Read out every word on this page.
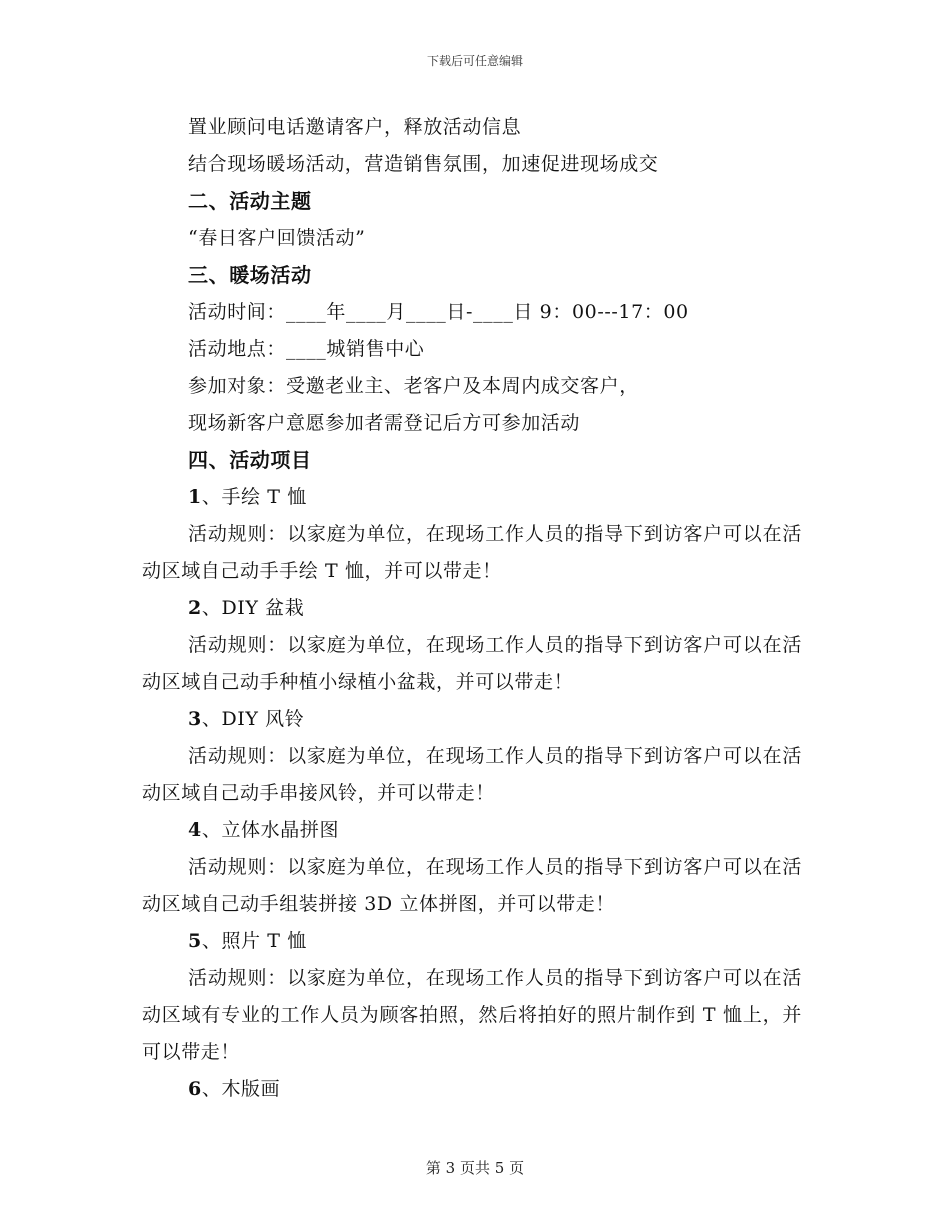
下载后可任意编辑
置业顾问电话邀请客户，释放活动信息
结合现场暖场活动，营造销售氛围，加速促进现场成交
二、活动主题
“春日客户回馈活动”
三、暖场活动
活动时间：____年____月____日-____日 9：00---17：00
活动地点：____城销售中心
参加对象：受邀老业主、老客户及本周内成交客户，
现场新客户意愿参加者需登记后方可参加活动
四、活动项目
1、手绘 T 恤

活动规则：以家庭为单位，在现场工作人员的指导下到访客户可以在活动区域自己动手手绘 T 恤，并可以带走！

2、DIY 盆栽

活动规则：以家庭为单位，在现场工作人员的指导下到访客户可以在活动区域自己动手种植小绿植小盆栽，并可以带走！

3、DIY 风铃

活动规则：以家庭为单位，在现场工作人员的指导下到访客户可以在活动区域自己动手串接风铃，并可以带走！

4、立体水晶拼图

活动规则：以家庭为单位，在现场工作人员的指导下到访客户可以在活动区域自己动手组装拼接 3D 立体拼图，并可以带走！

5、照片 T 恤

活动规则：以家庭为单位，在现场工作人员的指导下到访客户可以在活动区域有专业的工作人员为顾客拍照，然后将拍好的照片制作到 T 恤上，并可以带走！

6、木版画
第 3 页共 5 页
